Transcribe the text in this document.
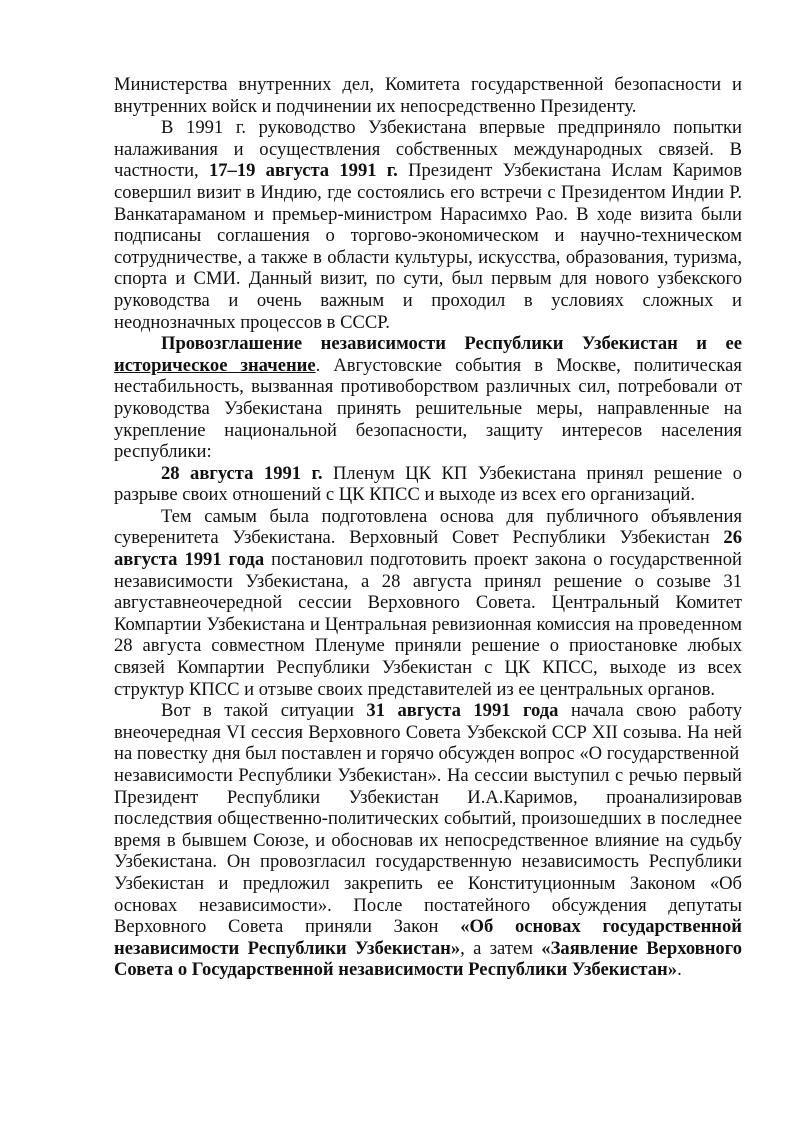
Министерства внутренних дел, Комитета государственной безопасности и внутренних войск и подчинении их непосредственно Президенту.

В 1991 г. руководство Узбекистана впервые предприняло попытки налаживания и осуществления собственных международных связей. В частности, 17–19 августа 1991 г. Президент Узбекистана Ислам Каримов совершил визит в Индию, где состоялись его встречи с Президентом Индии Р. Ванкатараманом и премьер-министром Нарасимхо Рао. В ходе визита были подписаны соглашения о торгово-экономическом и научно-техническом сотрудничестве, а также в области культуры, искусства, образования, туризма, спорта и СМИ. Данный визит, по сути, был первым для нового узбекского руководства и очень важным и проходил в условиях сложных и неоднозначных процессов в СССР.

Провозглашение независимости Республики Узбекистан и ее историческое значение. Августовские события в Москве, политическая нестабильность, вызванная противоборством различных сил, потребовали от руководства Узбекистана принять решительные меры, направленные на укрепление национальной безопасности, защиту интересов населения республики:

28 августа 1991 г. Пленум ЦК КП Узбекистана принял решение о разрыве своих отношений с ЦК КПСС и выходе из всех его организаций.

Тем самым была подготовлена основа для публичного объявления суверенитета Узбекистана. Верховный Совет Республики Узбекистан 26 августа 1991 года постановил подготовить проект закона о государственной независимости Узбекистана, а 28 августа принял решение о созыве 31 августавнеочередной сессии Верховного Совета. Центральный Комитет Компартии Узбекистана и Центральная ревизионная комиссия на проведенном 28 августа совместном Пленуме приняли решение о приостановке любых связей Компартии Республики Узбекистан с ЦК КПСС, выходе из всех структур КПСС и отзыве своих представителей из ее центральных органов.

Вот в такой ситуации 31 августа 1991 года начала свою работу внеочередная VI сессия Верховного Совета Узбекской ССР XII созыва. На ней на повестку дня был поставлен и горячо обсужден вопрос «О государственной

независимости Республики Узбекистан». На сессии выступил с речью первый Президент Республики Узбекистан И.А.Каримов, проанализировав последствия общественно-политических событий, произошедших в последнее время в бывшем Союзе, и обосновав их непосредственное влияние на судьбу Узбекистана. Он провозгласил государственную независимость Республики Узбекистан и предложил закрепить ее Конституционным Законом «Об основах независимости». После постатейного обсуждения депутаты Верховного Совета приняли Закон «Об основах государственной независимости Республики Узбекистан», а затем «Заявление Верховного Совета о Государственной независимости Республики Узбекистан».
